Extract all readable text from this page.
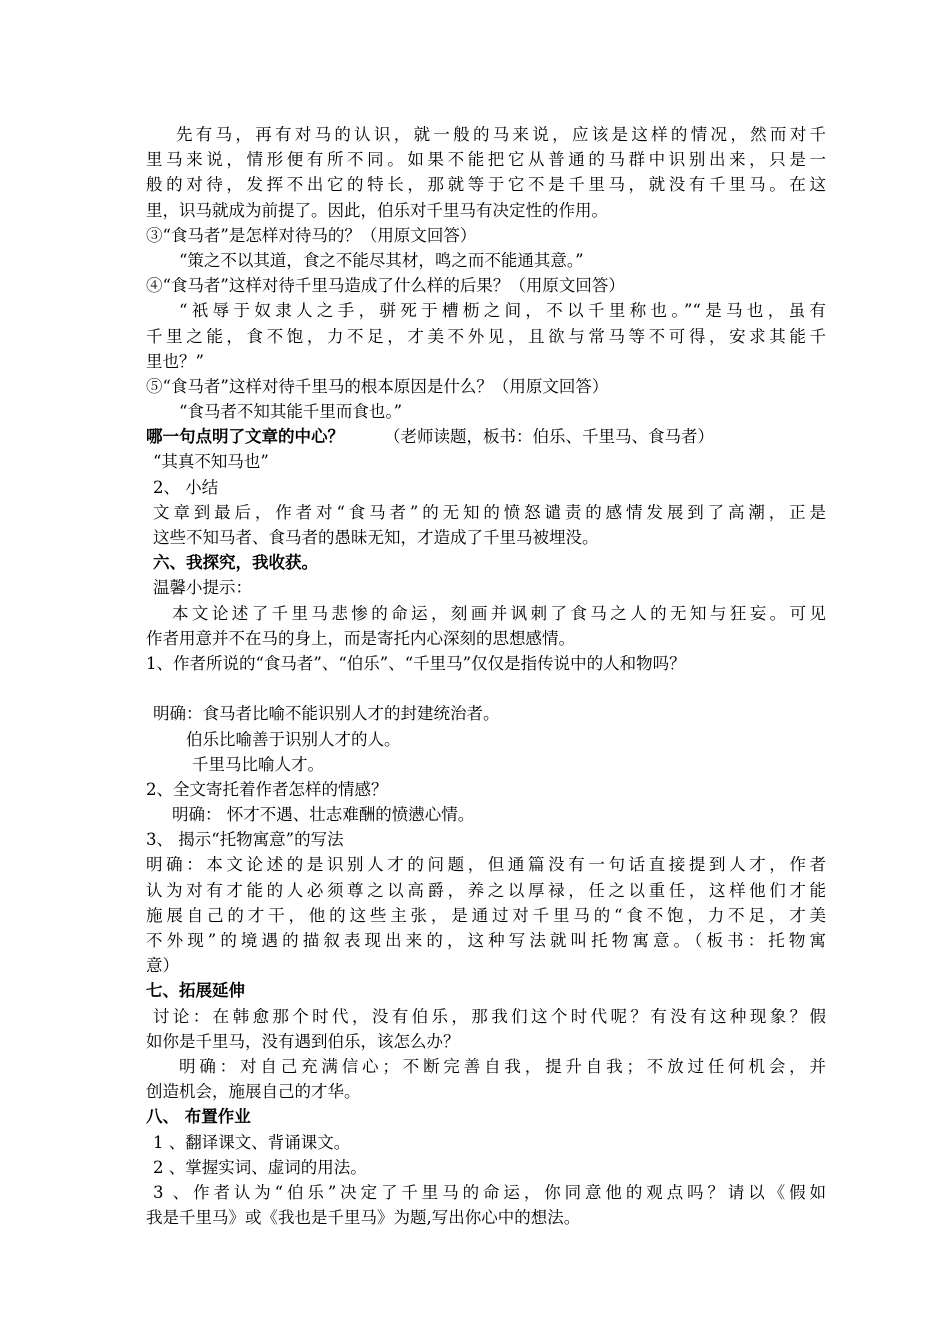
先有马，再有对马的认识，就一般的马来说，应该是这样的情况，然而对千
里马来说，情形便有所不同。如果不能把它从普通的马群中识别出来，只是一
般的对待，发挥不出它的特长，那就等于它不是千里马，就没有千里马。在这
里，识马就成为前提了。因此，伯乐对千里马有决定性的作用。
③“食马者”是怎样对待马的？（用原文回答）
“策之不以其道，食之不能尽其材，鸣之而不能通其意。”
④“食马者”这样对待千里马造成了什么样的后果？（用原文回答）
“祇辱于奴隶人之手，骈死于槽枥之间，不以千里称也。”“是马也，虽有
千里之能，食不饱，力不足，才美不外见，且欲与常马等不可得，安求其能千
里也？”
⑤“食马者”这样对待千里马的根本原因是什么？（用原文回答）
“食马者不知其能千里而食也。”
哪一句点明了文章的中心？ （老师读题，板书：伯乐、千里马、食马者）
“其真不知马也”
2、 小结
文章到最后，作者对“食马者”的无知的愤怒谴责的感情发展到了高潮，正是
这些不知马者、食马者的愚昧无知，才造成了千里马被埋没。
六、我探究，我收获。
温馨小提示：
本文论述了千里马悲惨的命运，刻画并讽刺了食马之人的无知与狂妄。可见
作者用意并不在马的身上，而是寄托内心深刻的思想感情。
1、作者所说的“食马者”、“伯乐”、“千里马”仅仅是指传说中的人和物吗？
明确：食马者比喻不能识别人才的封建统治者。
伯乐比喻善于识别人才的人。
千里马比喻人才。
2、全文寄托着作者怎样的情感？
明确： 怀才不遇、壮志难酬的愤懑心情。
3、 揭示“托物寓意”的写法
明确：本文论述的是识别人才的问题，但通篇没有一句话直接提到人才，作者
认为对有才能的人必须尊之以高爵，养之以厚禄，任之以重任，这样他们才能
施展自己的才干，他的这些主张，是通过对千里马的“食不饱，力不足，才美
不外现”的境遇的描叙表现出来的，这种写法就叫托物寓意。（板书：托物寓
意）
七、拓展延伸
讨论：在韩愈那个时代，没有伯乐，那我们这个时代呢？有没有这种现象？假
如你是千里马，没有遇到伯乐，该怎么办？
明确：对自己充满信心；不断完善自我，提升自我；不放过任何机会，并
创造机会，施展自己的才华。
八、 布置作业
1 、翻译课文、背诵课文。
2 、掌握实词、虚词的用法。
3 、作者认为“伯乐”决定了千里马的命运，你同意他的观点吗？请以《假如
我是千里马》或《我也是千里马》为题,写出你心中的想法。
